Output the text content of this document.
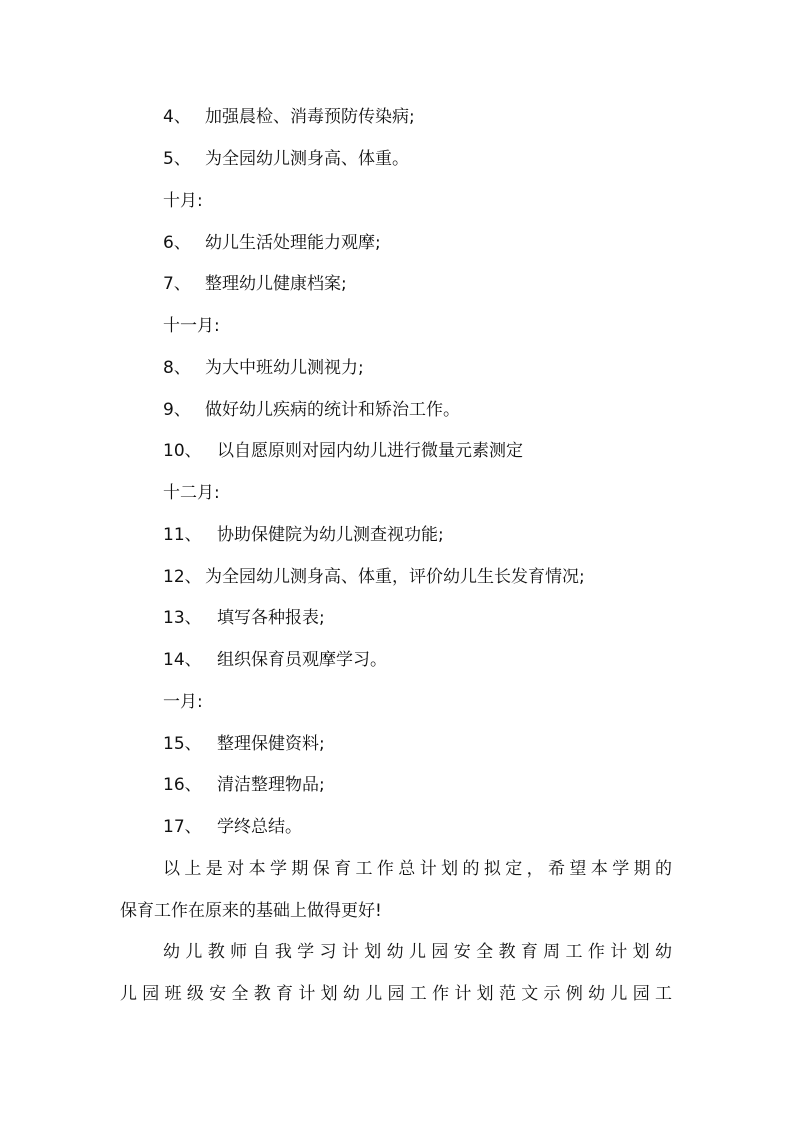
4、 加强晨检、消毒预防传染病;
5、 为全园幼儿测身高、体重。
十月:
6、 幼儿生活处理能力观摩;
7、 整理幼儿健康档案;
十一月:
8、 为大中班幼儿测视力;
9、 做好幼儿疾病的统计和矫治工作。
10、 以自愿原则对园内幼儿进行微量元素测定
十二月:
11、 协助保健院为幼儿测查视功能;
12、 为全园幼儿测身高、体重，评价幼儿生长发育情况;
13、 填写各种报表;
14、 组织保育员观摩学习。
一月:
15、 整理保健资料;
16、 清洁整理物品;
17、 学终总结。
以上是对本学期保育工作总计划的拟定，希望本学期的
保育工作在原来的基础上做得更好!
幼儿教师自我学习计划幼儿园安全教育周工作计划幼
儿园班级安全教育计划幼儿园工作计划范文示例幼儿园工
